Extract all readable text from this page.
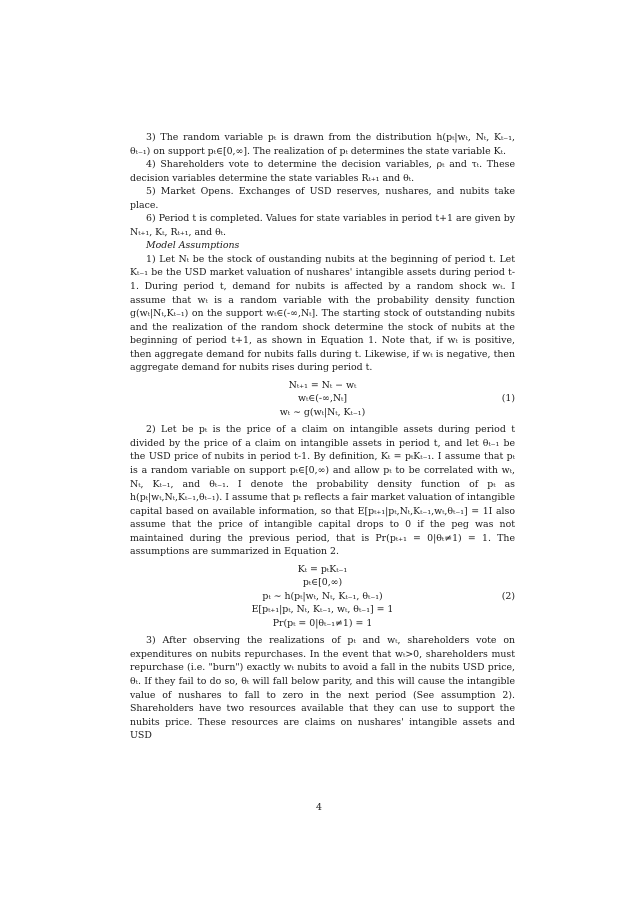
3) The random variable pₜ is drawn from the distribution h(pₜ|wₜ, Nₜ, Kₜ₋₁, θₜ₋₁) on support pₜ∈[0,∞]. The realization of pₜ determines the state variable Kₜ.

4) Shareholders vote to determine the decision variables, ρₜ and τₜ. These decision variables determine the state variables Rₜ₊₁ and θₜ.

5) Market Opens. Exchanges of USD reserves, nushares, and nubits take place.

6) Period t is completed. Values for state variables in period t+1 are given by Nₜ₊₁, Kₜ, Rₜ₊₁, and θₜ.

Model Assumptions

1) Let Nₜ be the stock of oustanding nubits at the beginning of period t. Let Kₜ₋₁ be the USD market valuation of nushares' intangible assets during period t-1. During period t, demand for nubits is affected by a random shock wₜ. I assume that wₜ is a random variable with the probability density function g(wₜ|Nₜ,Kₜ₋₁) on the support wₜ∈(-∞,Nₜ]. The starting stock of outstanding nubits and the realization of the random shock determine the stock of nubits at the beginning of period t+1, as shown in Equation 1. Note that, if wₜ is positive, then aggregate demand for nubits falls during t. Likewise, if wₜ is negative, then aggregate demand for nubits rises during period t.

Nₜ₊₁ = Nₜ − wₜ
wₜ∈(-∞,Nₜ]
wₜ ∼ g(wₜ|Nₜ, Kₜ₋₁)
(1)

2) Let be pₜ is the price of a claim on intangible assets during period t divided by the price of a claim on intangible assets in period t, and let θₜ₋₁ be the USD price of nubits in period t-1. By definition, Kₜ = pₜKₜ₋₁. I assume that pₜ is a random variable on support pₜ∈[0,∞) and allow pₜ to be correlated with wₜ, Nₜ, Kₜ₋₁, and θₜ₋₁. I denote the probability density function of pₜ as h(pₜ|wₜ,Nₜ,Kₜ₋₁,θₜ₋₁). I assume that pₜ reflects a fair market valuation of intangible capital based on available information, so that E[pₜ₊₁|pₜ,Nₜ,Kₜ₋₁,wₜ,θₜ₋₁] = 1I also assume that the price of intangible capital drops to 0 if the peg was not maintained during the previous period, that is Pr(pₜ₊₁ = 0|θₜ≠1) = 1. The assumptions are summarized in Equation 2.

Kₜ = pₜKₜ₋₁
pₜ∈[0,∞)
pₜ ∼ h(pₜ|wₜ, Nₜ, Kₜ₋₁, θₜ₋₁)
E[pₜ₊₁|pₜ, Nₜ, Kₜ₋₁, wₜ, θₜ₋₁] = 1
Pr(pₜ = 0|θₜ₋₁≠1) = 1
(2)

3) After observing the realizations of pₜ and wₜ, shareholders vote on expenditures on nubits repurchases. In the event that wₜ>0, shareholders must repurchase (i.e. "burn") exactly wₜ nubits to avoid a fall in the nubits USD price, θₜ. If they fail to do so, θₜ will fall below parity, and this will cause the intangible value of nushares to fall to zero in the next period (See assumption 2). Shareholders have two resources available that they can use to support the nubits price. These resources are claims on nushares' intangible assets and USD

4
